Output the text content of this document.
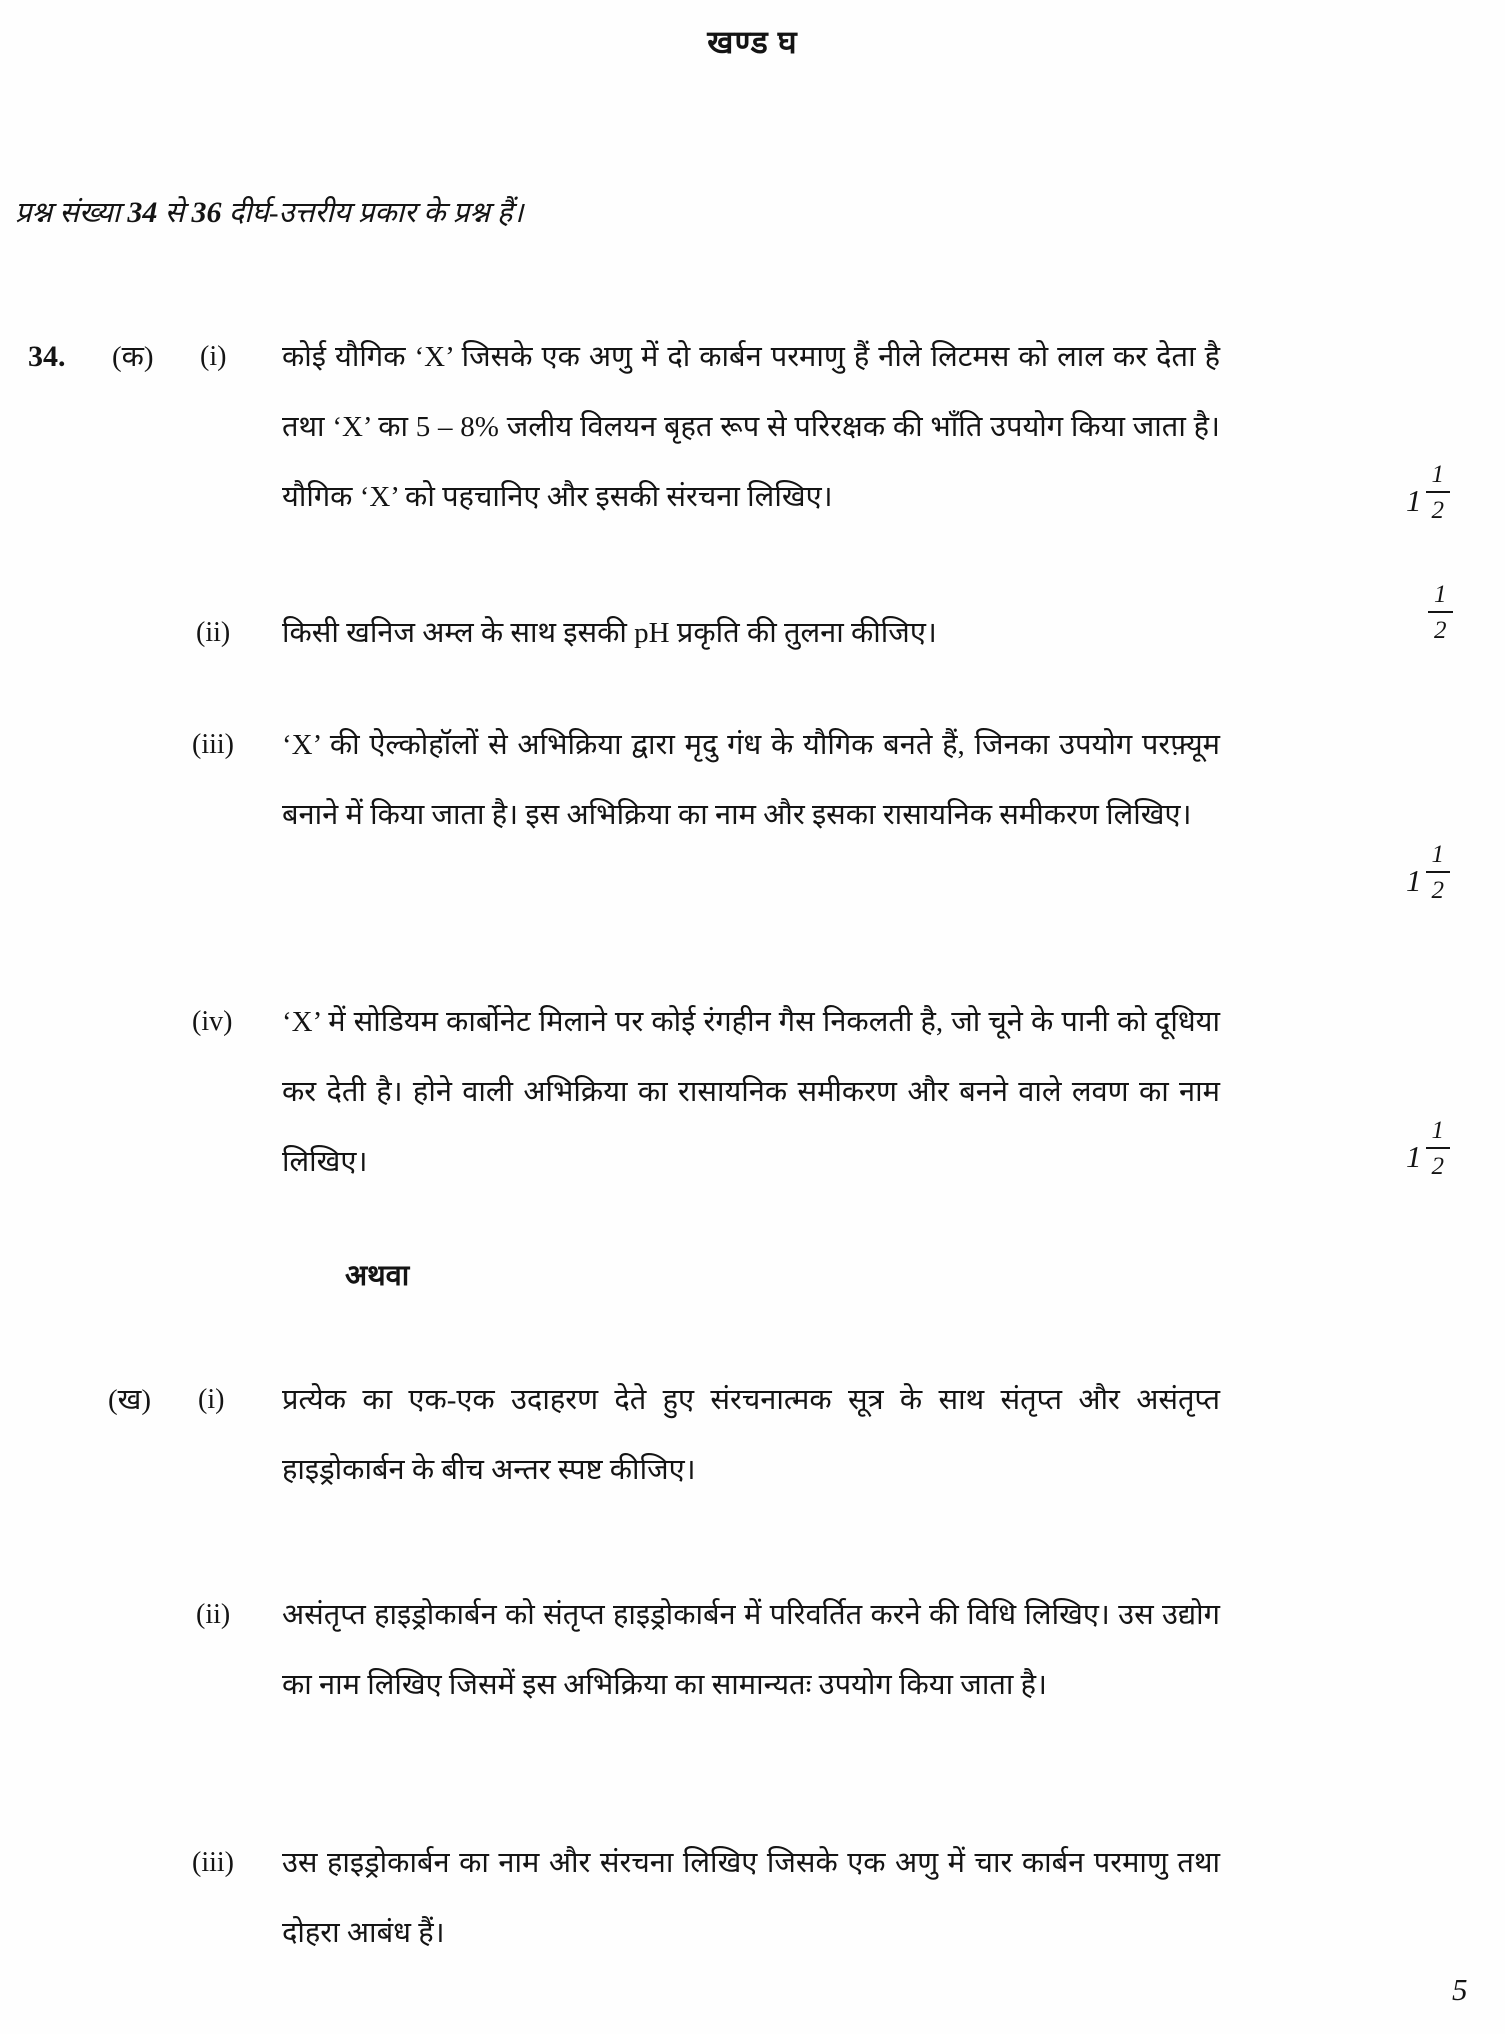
खण्ड घ
प्रश्न संख्या 34 से 36 दीर्घ-उत्तरीय प्रकार के प्रश्न हैं।
34. (क) (i) कोई यौगिक ‘X’ जिसके एक अणु में दो कार्बन परमाणु हैं नीले लिटमस को लाल कर देता है तथा ‘X’ का 5 – 8% जलीय विलयन बृहत रूप से परिरक्षक की भाँति उपयोग किया जाता है। यौगिक ‘X’ को पहचानिए और इसकी संरचना लिखिए।	$1 \frac{1}{2}$
(ii) किसी खनिज अम्ल के साथ इसकी pH प्रकृति की तुलना कीजिए।	$\frac{1}{2}$
(iii) ‘X’ की ऐल्कोहॉलों से अभिक्रिया द्वारा मृदु गंध के यौगिक बनते हैं, जिनका उपयोग परफ़्यूम बनाने में किया जाता है। इस अभिक्रिया का नाम और इसका रासायनिक समीकरण लिखिए।
$1 \frac{1}{2}$
(iv) ‘X’ में सोडियम कार्बोनेट मिलाने पर कोई रंगहीन गैस निकलती है, जो चूने के पानी को दूधिया कर देती है। होने वाली अभिक्रिया का रासायनिक समीकरण और बनने वाले लवण का नाम लिखिए।	$1 \frac{1}{2}$
अथवा
(ख) (i) प्रत्येक का एक-एक उदाहरण देते हुए संरचनात्मक सूत्र के साथ संतृप्त और असंतृप्त हाइड्रोकार्बन के बीच अन्तर स्पष्ट कीजिए।
(ii) असंतृप्त हाइड्रोकार्बन को संतृप्त हाइड्रोकार्बन में परिवर्तित करने की विधि लिखिए। उस उद्योग का नाम लिखिए जिसमें इस अभिक्रिया का सामान्यतः उपयोग किया जाता है।
(iii) उस हाइड्रोकार्बन का नाम और संरचना लिखिए जिसके एक अणु में चार कार्बन परमाणु तथा दोहरा आबंध हैं।
5
